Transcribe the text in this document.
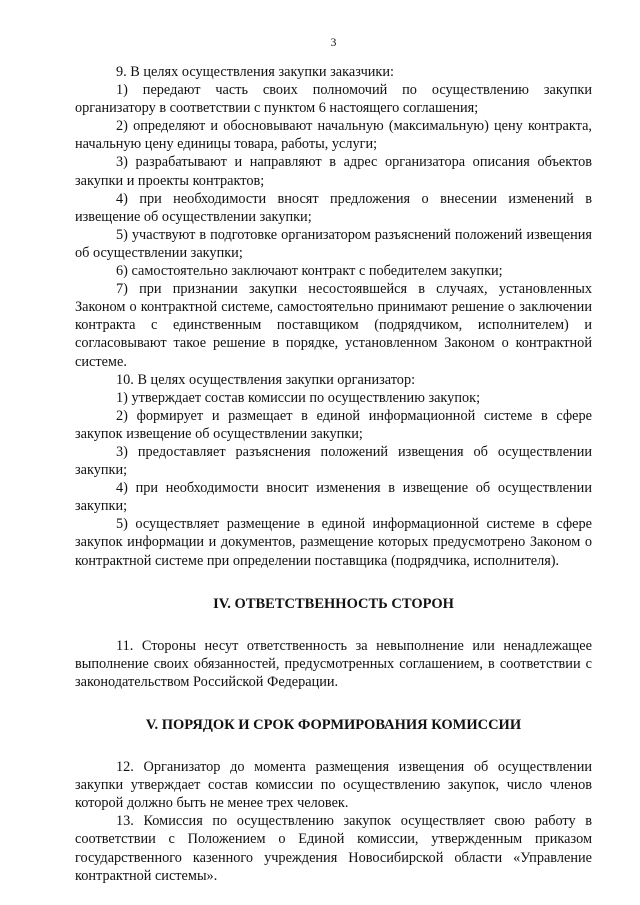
3

9. В целях осуществления закупки заказчики:

1) передают часть своих полномочий по осуществлению закупки организатору в соответствии с пунктом 6 настоящего соглашения;

2) определяют и обосновывают начальную (максимальную) цену контракта, начальную цену единицы товара, работы, услуги;

3) разрабатывают и направляют в адрес организатора описания объектов закупки и проекты контрактов;

4) при необходимости вносят предложения о внесении изменений в извещение об осуществлении закупки;

5) участвуют в подготовке организатором разъяснений положений извещения об осуществлении закупки;

6) самостоятельно заключают контракт с победителем закупки;

7) при признании закупки несостоявшейся в случаях, установленных Законом о контрактной системе, самостоятельно принимают решение о заключении контракта с единственным поставщиком (подрядчиком, исполнителем) и согласовывают такое решение в порядке, установленном Законом о контрактной системе.

10. В целях осуществления закупки организатор:

1) утверждает состав комиссии по осуществлению закупок;

2) формирует и размещает в единой информационной системе в сфере закупок извещение об осуществлении закупки;

3) предоставляет разъяснения положений извещения об осуществлении закупки;

4) при необходимости вносит изменения в извещение об осуществлении закупки;

5) осуществляет размещение в единой информационной системе в сфере закупок информации и документов, размещение которых предусмотрено Законом о контрактной системе при определении поставщика (подрядчика, исполнителя).

IV. ОТВЕТСТВЕННОСТЬ СТОРОН

11. Стороны несут ответственность за невыполнение или ненадлежащее выполнение своих обязанностей, предусмотренных соглашением, в соответствии с законодательством Российской Федерации.

V. ПОРЯДОК И СРОК ФОРМИРОВАНИЯ КОМИССИИ

12. Организатор до момента размещения извещения об осуществлении закупки утверждает состав комиссии по осуществлению закупок, число членов которой должно быть не менее трех человек.

13. Комиссия по осуществлению закупок осуществляет свою работу в соответствии с Положением о Единой комиссии, утвержденным приказом государственного казенного учреждения Новосибирской области «Управление контрактной системы».
